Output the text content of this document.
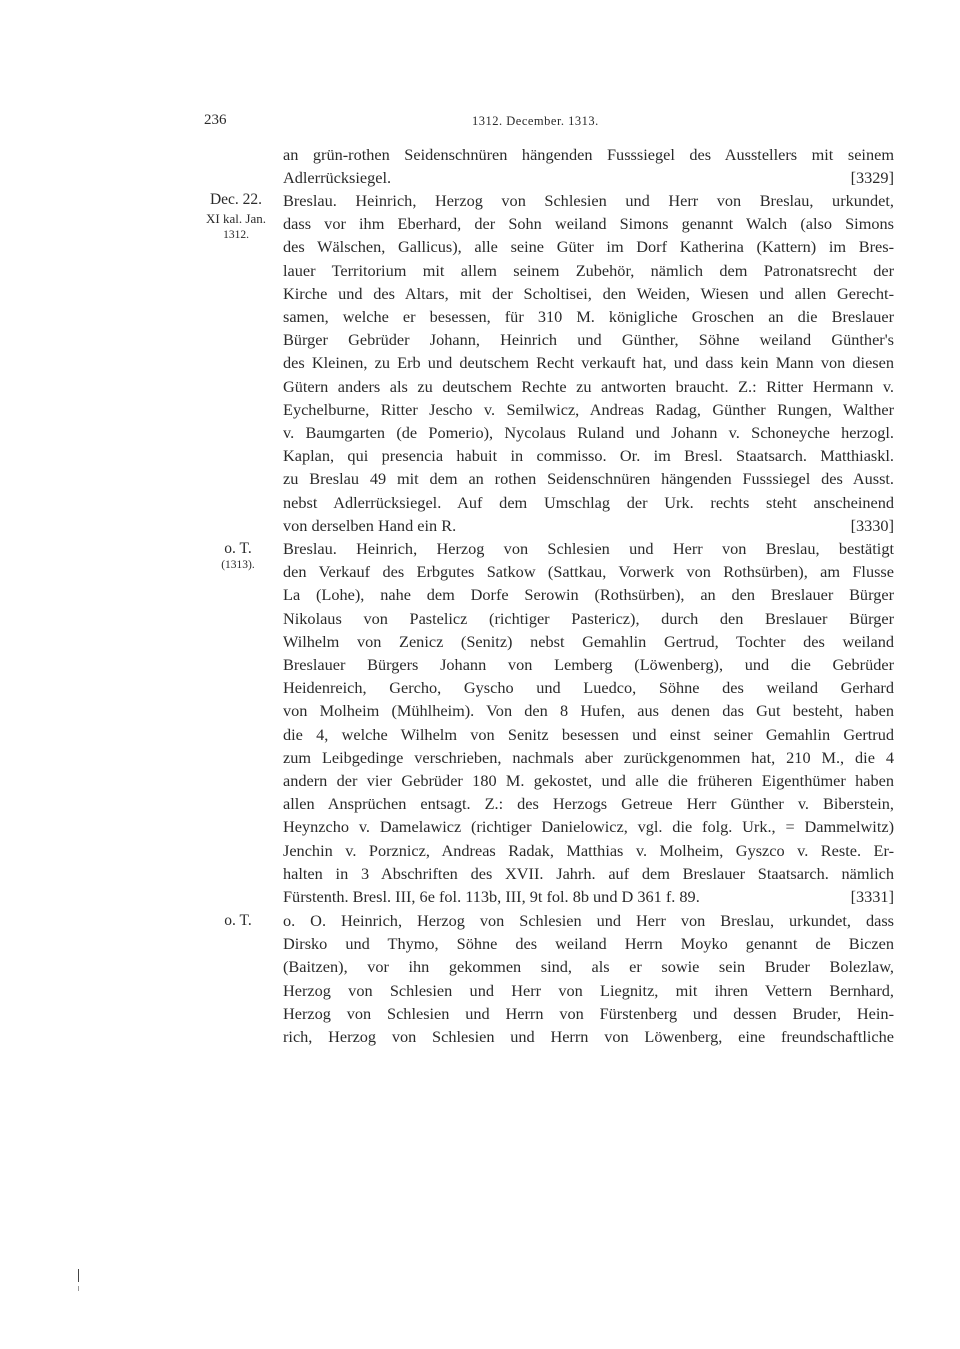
236	1312. December. 1313.
an grün-rothen Seidenschnüren hängenden Fusssiegel des Ausstellers mit seinem
Adlerrücksiegel.	[3329]
Dec. 22.
XI kal. Jan.
1312.
Breslau. Heinrich, Herzog von Schlesien und Herr von Breslau, urkundet,
dass vor ihm Eberhard, der Sohn weiland Simons genannt Walch (also Simons
des Wälschen, Gallicus), alle seine Güter im Dorf Katherina (Kattern) im Bres-
lauer Territorium mit allem seinem Zubehör, nämlich dem Patronatsrecht der
Kirche und des Altars, mit der Scholtisei, den Weiden, Wiesen und allen Gerecht-
samen, welche er besessen, für 310 M. königliche Groschen an die Breslauer
Bürger Gebrüder Johann, Heinrich und Günther, Söhne weiland Günther's
des Kleinen, zu Erb und deutschem Recht verkauft hat, und dass kein Mann von diesen
Gütern anders als zu deutschem Rechte zu antworten braucht. Z.: Ritter Hermann v.
Eychelburne, Ritter Jescho v. Semilwicz, Andreas Radag, Günther Rungen, Walther
v. Baumgarten (de Pomerio), Nycolaus Ruland und Johann v. Schoneyche herzogl.
Kaplan, qui presencia habuit in commisso. Or. im Bresl. Staatsarch. Matthiaskl.
zu Breslau 49 mit dem an rothen Seidenschnüren hängenden Fusssiegel des Ausst.
nebst Adlerrücksiegel. Auf dem Umschlag der Urk. rechts steht anscheinend
von derselben Hand ein R.	[3330]
o. T.
(1313).
Breslau. Heinrich, Herzog von Schlesien und Herr von Breslau, bestätigt
den Verkauf des Erbgutes Satkow (Sattkau, Vorwerk von Rothsürben), am Flusse
La (Lohe), nahe dem Dorfe Serowin (Rothsürben), an den Breslauer Bürger
Nikolaus von Pastelicz (richtiger Pastericz), durch den Breslauer Bürger
Wilhelm von Zenicz (Senitz) nebst Gemahlin Gertrud, Tochter des weiland
Breslauer Bürgers Johann von Lemberg (Löwenberg), und die Gebrüder
Heidenreich, Gercho, Gyscho und Luedco, Söhne des weiland Gerhard
von Molheim (Mühlheim). Von den 8 Hufen, aus denen das Gut besteht, haben
die 4, welche Wilhelm von Senitz besessen und einst seiner Gemahlin Gertrud
zum Leibgedinge verschrieben, nachmals aber zurückgenommen hat, 210 M., die 4
andern der vier Gebrüder 180 M. gekostet, und alle die früheren Eigenthümer haben
allen Ansprüchen entsagt. Z.: des Herzogs Getreue Herr Günther v. Biberstein,
Heynzcho v. Damelawicz (richtiger Danielowicz, vgl. die folg. Urk., = Dammelwitz)
Jenchin v. Porznicz, Andreas Radak, Matthias v. Molheim, Gyszco v. Reste. Er-
halten in 3 Abschriften des XVII. Jahrh. auf dem Breslauer Staatsarch. nämlich
Fürstenth. Bresl. III, 6e fol. 113b, III, 9t fol. 8b und D 361 f. 89.	[3331]
o. T.	o. O. Heinrich, Herzog von Schlesien und Herr von Breslau, urkundet, dass
Dirsko und Thymo, Söhne des weiland Herrn Moyko genannt de Biczen
(Baitzen), vor ihn gekommen sind, als er sowie sein Bruder Bolezlaw,
Herzog von Schlesien und Herr von Liegnitz, mit ihren Vettern Bernhard,
Herzog von Schlesien und Herrn von Fürstenberg und dessen Bruder, Hein-
rich, Herzog von Schlesien und Herrn von Löwenberg, eine freundschaftliche
